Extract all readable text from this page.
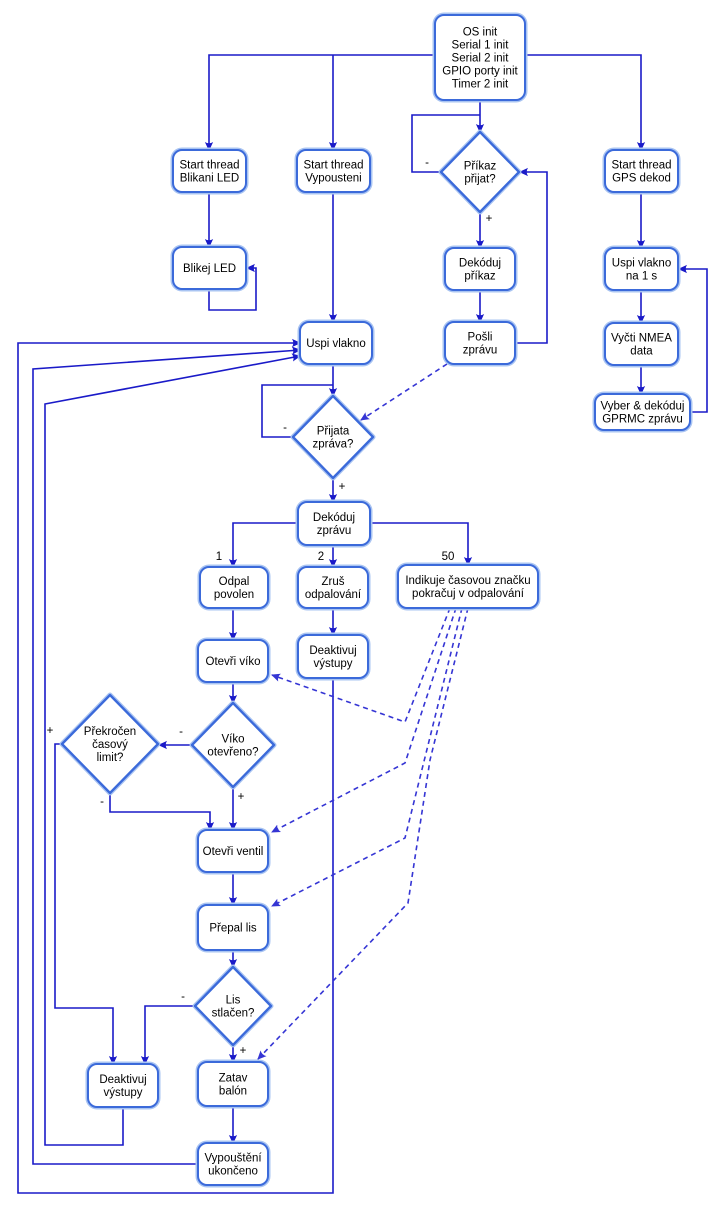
OS init
Serial 1 init
Serial 2 init
GPIO porty init
Timer 2 init
Start thread
Blikani LED
Start thread
Vypousteni
Start thread
GPS dekod
Blikej LED	Dekóduj
příkaz
Uspi vlakno
na 1 s
Uspi vlakno
Pošli
zprávu
Vyčti NMEA
data
Vyber & dekóduj
GPRMC zprávu
Dekóduj
zprávu
Odpal
povolen
Zruš
odpalování
Indikuje časovou značku
pokračuj v odpalování
Otevři víko
Deaktivuj
výstupy
Otevři ventil
Přepal lis
Zatav
balón
Deaktivuj
výstupy
Vypouštění
ukončeno
Příkaz
přijat?
Přijata
zpráva?
Víko
otevřeno?
Překročen
časový
limit?
Lis
stlačen?
-
+
-
+
1	2	50
-
+
+
-
-
+
